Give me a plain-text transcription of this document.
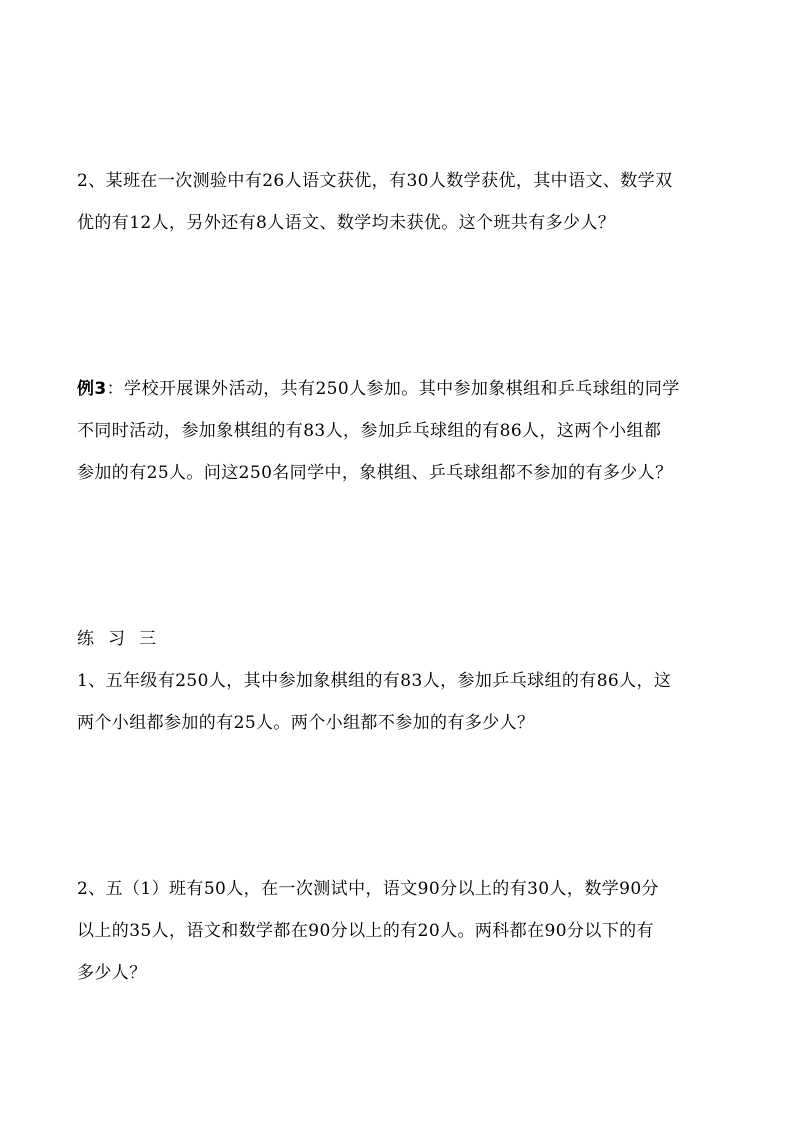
2、某班在一次测验中有26人语文获优，有30人数学获优，其中语文、数学双
优的有12人，另外还有8人语文、数学均未获优。这个班共有多少人？
例3：学校开展课外活动，共有250人参加。其中参加象棋组和乒乓球组的同学
不同时活动，参加象棋组的有83人，参加乒乓球组的有86人，这两个小组都
参加的有25人。问这250名同学中，象棋组、乒乓球组都不参加的有多少人？
练习三
1、五年级有250人，其中参加象棋组的有83人，参加乒乓球组的有86人，这
两个小组都参加的有25人。两个小组都不参加的有多少人？
2、五（1）班有50人，在一次测试中，语文90分以上的有30人，数学90分
以上的35人，语文和数学都在90分以上的有20人。两科都在90分以下的有
多少人？
